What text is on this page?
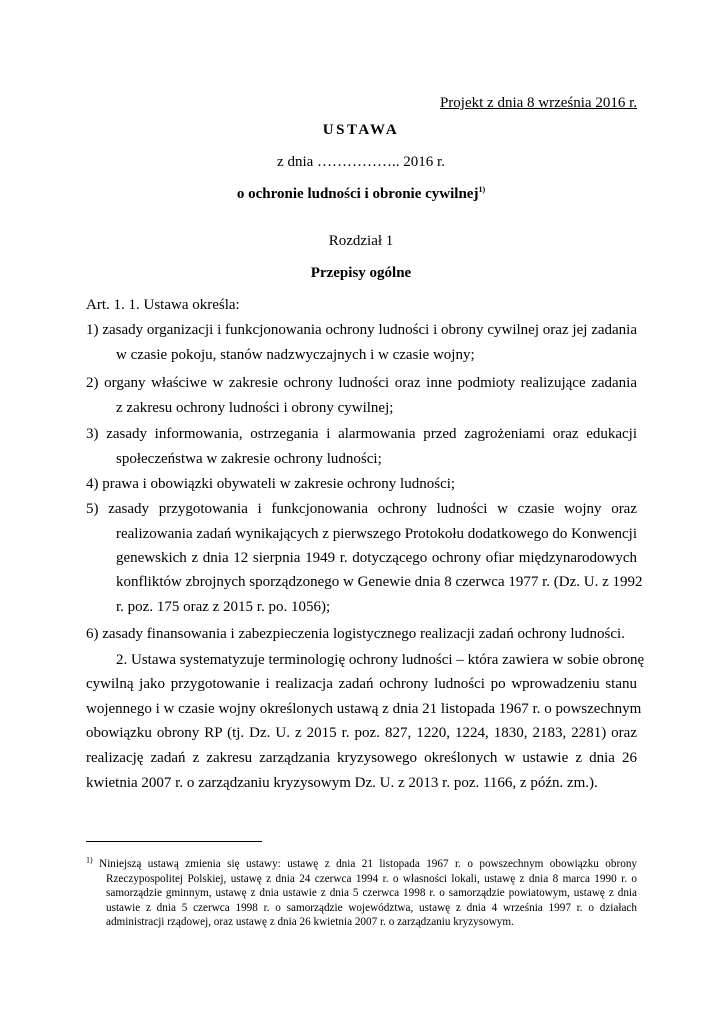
Projekt z dnia 8 września 2016 r.
USTAWA
z dnia …………….. 2016 r.
o ochronie ludności i obronie cywilnej$^{1)}$
Rozdział 1
Przepisy ogólne
Art. 1. 1. Ustawa określa:
1) zasady organizacji i funkcjonowania ochrony ludności i obrony cywilnej oraz jej zadania
w czasie pokoju, stanów nadzwyczajnych i w czasie wojny;
2) organy właściwe w zakresie ochrony ludności oraz inne podmioty realizujące zadania
z zakresu ochrony ludności i obrony cywilnej;
3) zasady informowania, ostrzegania i alarmowania przed zagrożeniami oraz edukacji
społeczeństwa w zakresie ochrony ludności;
4) prawa i obowiązki obywateli w zakresie ochrony ludności;
5) zasady przygotowania i funkcjonowania ochrony ludności w czasie wojny oraz
realizowania zadań wynikających z pierwszego Protokołu dodatkowego do Konwencji
genewskich z dnia 12 sierpnia 1949 r. dotyczącego ochrony ofiar międzynarodowych
konfliktów zbrojnych sporządzonego w Genewie dnia 8 czerwca 1977 r. (Dz. U. z 1992
r. poz. 175 oraz z 2015 r. po. 1056);
6) zasady finansowania i zabezpieczenia logistycznego realizacji zadań ochrony ludności.
2. Ustawa systematyzuje terminologię ochrony ludności – która zawiera w sobie obronę
cywilną jako przygotowanie i realizacja zadań ochrony ludności po wprowadzeniu stanu
wojennego i w czasie wojny określonych ustawą z dnia 21 listopada 1967 r. o powszechnym
obowiązku obrony RP (tj. Dz. U. z 2015 r. poz. 827, 1220, 1224, 1830, 2183, 2281) oraz
realizację zadań z zakresu zarządzania kryzysowego określonych w ustawie z dnia 26
kwietnia 2007 r. o zarządzaniu kryzysowym Dz. U. z 2013 r. poz. 1166, z późn. zm.).
$^{1)}$ Niniejszą ustawą zmienia się ustawy: ustawę z dnia 21 listopada 1967 r. o powszechnym obowiązku obrony Rzeczypospolitej Polskiej, ustawę z dnia 24 czerwca 1994 r. o własności lokali, ustawę z dnia 8 marca 1990 r. o samorządzie gminnym, ustawę z dnia ustawie z dnia 5 czerwca 1998 r. o samorządzie powiatowym, ustawę z dnia ustawie z dnia 5 czerwca 1998 r. o samorządzie województwa, ustawę z dnia 4 września 1997 r. o działach administracji rządowej, oraz ustawę z dnia 26 kwietnia 2007 r. o zarządzaniu kryzysowym.
